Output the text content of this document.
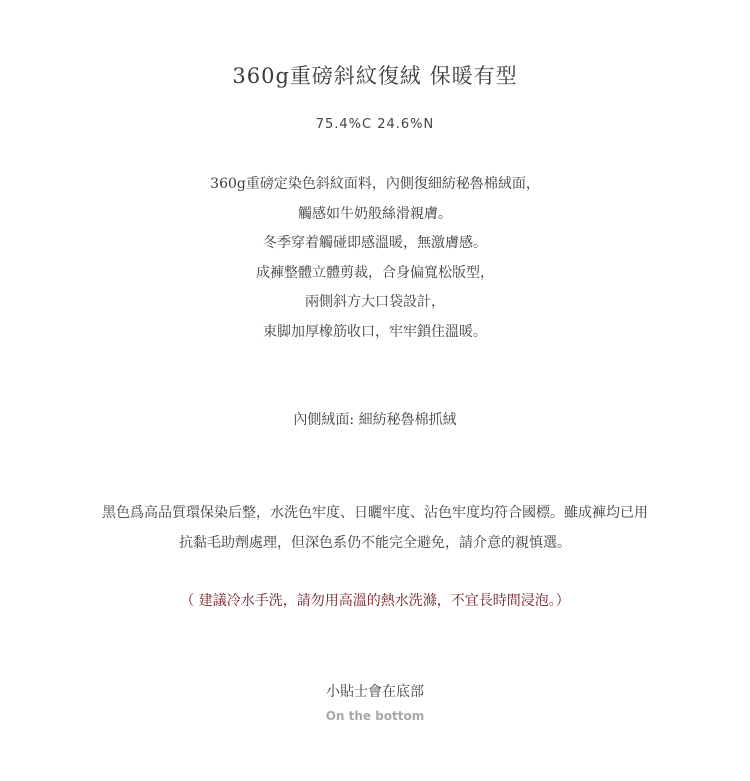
360g重磅斜紋復絨 保暖有型
75.4%C 24.6%N
360g重磅定染色斜紋面料，內側復細紡秘魯棉絨面，
觸感如牛奶般絲滑親膚。
冬季穿着觸碰即感溫暖，無激膚感。
成褲整體立體剪裁，合身偏寬松版型，
兩側斜方大口袋設計，
束脚加厚橡筋收口，牢牢鎖住溫暖。
內側絨面: 細紡秘魯棉抓絨
黑色爲高品質環保染后整，水洗色牢度、日曬牢度、沾色牢度均符合國標。雖成褲均已用
抗黏毛助劑處理，但深色系仍不能完全避免，請介意的親慎選。
（ 建議冷水手洗，請勿用高溫的熱水洗滌，不宜長時間浸泡。）
小貼士會在底部
On the bottom
